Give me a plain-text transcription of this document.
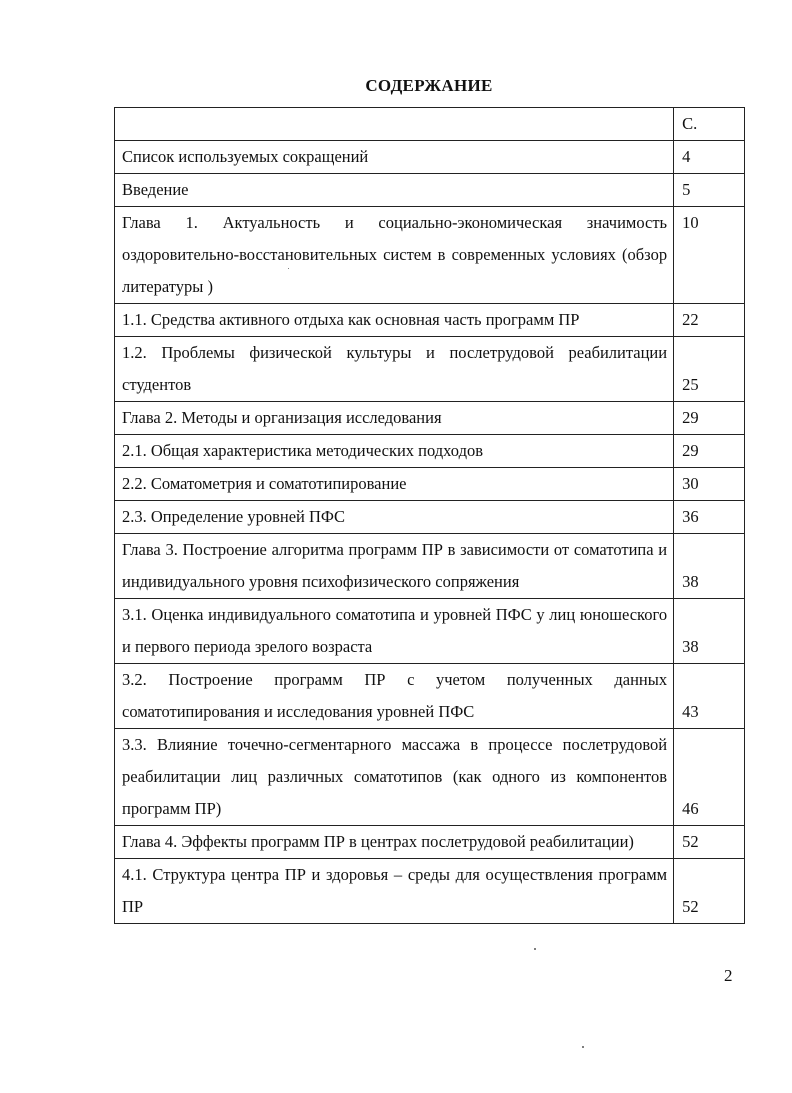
СОДЕРЖАНИЕ
	С.
Список используемых сокращений	4
Введение	5
Глава 1. Актуальность и социально-экономическая значимость оздоровительно-восстановительных систем в современных условиях (обзор литературы )	10
1.1. Средства активного отдыха как основная часть программ ПР	22
1.2. Проблемы физической культуры и послетрудовой реабилитации студентов	25
Глава 2. Методы и организация исследования	29
2.1. Общая характеристика методических подходов	29
2.2. Соматометрия и соматотипирование	30
2.3. Определение уровней ПФС	36
Глава 3. Построение алгоритма программ ПР в зависимости от соматотипа и индивидуального уровня психофизического сопряжения	38
3.1. Оценка индивидуального соматотипа и уровней ПФС у лиц юношеского и первого периода зрелого возраста	38
3.2. Построение программ ПР с учетом полученных данных соматотипирования и исследования уровней ПФС	43
3.3. Влияние точечно-сегментарного массажа в процессе послетрудовой реабилитации лиц различных соматотипов (как одного из компонентов программ ПР)	46
Глава 4. Эффекты программ ПР в центрах послетрудовой реабилитации)	52
4.1. Структура центра ПР и здоровья – среды для осуществления программ ПР	52
2
